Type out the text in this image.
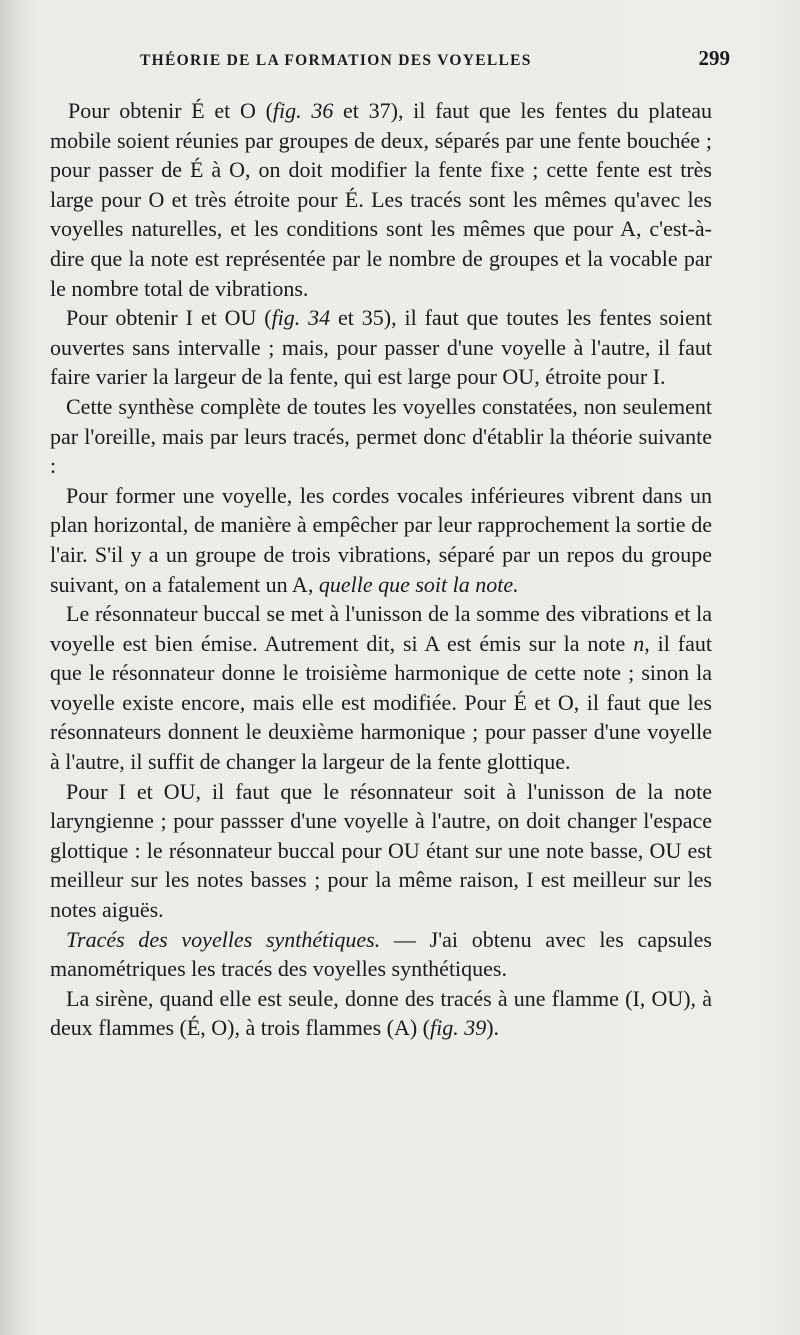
THÉORIE DE LA FORMATION DES VOYELLES	299

Pour obtenir É et O (fig. 36 et 37), il faut que les fentes du plateau mobile soient réunies par groupes de deux, séparés par une fente bouchée ; pour passer de É à O, on doit modifier la fente fixe ; cette fente est très large pour O et très étroite pour É. Les tracés sont les mêmes qu'avec les voyelles naturelles, et les conditions sont les mêmes que pour A, c'est-à-dire que la note est représentée par le nombre de groupes et la vocable par le nombre total de vibrations.

Pour obtenir I et OU (fig. 34 et 35), il faut que toutes les fentes soient ouvertes sans intervalle ; mais, pour passer d'une voyelle à l'autre, il faut faire varier la largeur de la fente, qui est large pour OU, étroite pour I.

Cette synthèse complète de toutes les voyelles constatées, non seulement par l'oreille, mais par leurs tracés, permet donc d'établir la théorie suivante :

Pour former une voyelle, les cordes vocales inférieures vibrent dans un plan horizontal, de manière à empêcher par leur rapprochement la sortie de l'air. S'il y a un groupe de trois vibrations, séparé par un repos du groupe suivant, on a fatalement un A, quelle que soit la note.

Le résonnateur buccal se met à l'unisson de la somme des vibrations et la voyelle est bien émise. Autrement dit, si A est émis sur la note n, il faut que le résonnateur donne le troisième harmonique de cette note ; sinon la voyelle existe encore, mais elle est modifiée. Pour É et O, il faut que les résonnateurs donnent le deuxième harmonique ; pour passer d'une voyelle à l'autre, il suffit de changer la largeur de la fente glottique.

Pour I et OU, il faut que le résonnateur soit à l'unisson de la note laryngienne ; pour passser d'une voyelle à l'autre, on doit changer l'espace glottique : le résonnateur buccal pour OU étant sur une note basse, OU est meilleur sur les notes basses ; pour la même raison, I est meilleur sur les notes aiguës.

Tracés des voyelles synthétiques. — J'ai obtenu avec les capsules manométriques les tracés des voyelles synthétiques.

La sirène, quand elle est seule, donne des tracés à une flamme (I, OU), à deux flammes (É, O), à trois flammes (A) (fig. 39).
